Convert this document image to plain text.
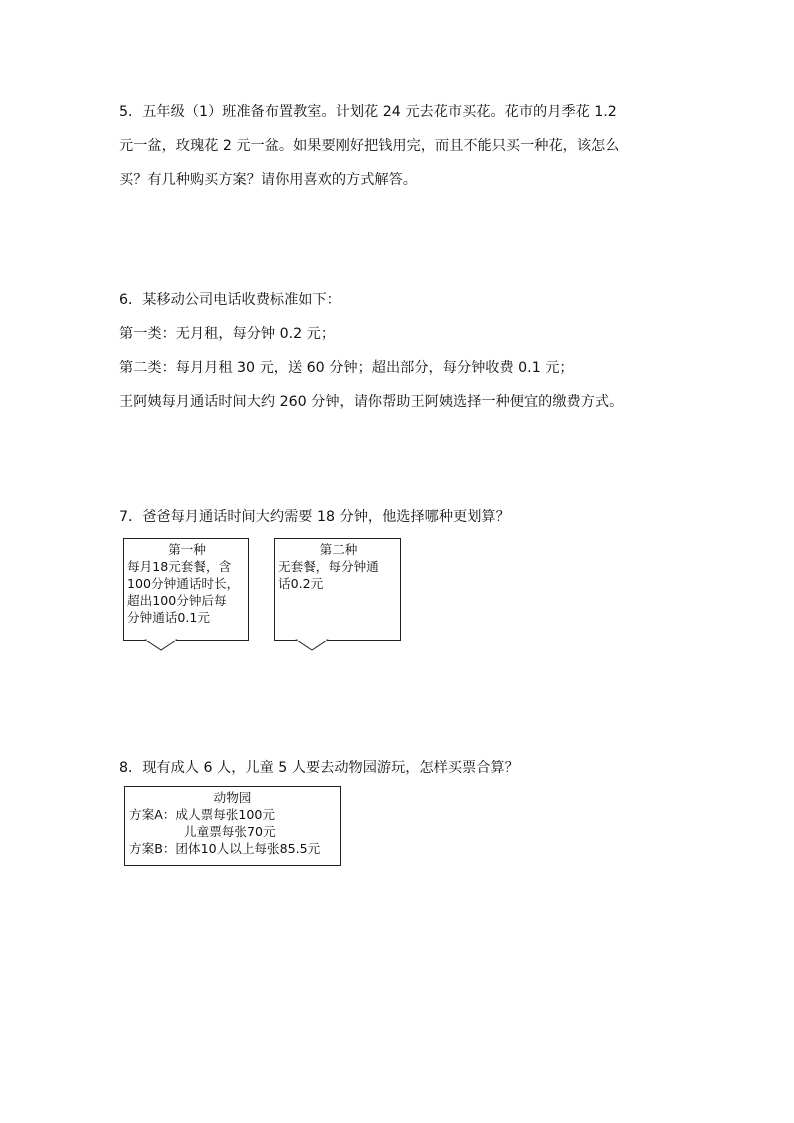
5．五年级（1）班准备布置教室。计划花 24 元去花市买花。花市的月季花 1.2
元一盆，玫瑰花 2 元一盆。如果要刚好把钱用完，而且不能只买一种花，该怎么
买？有几种购买方案？请你用喜欢的方式解答。
6．某移动公司电话收费标准如下：
第一类：无月租，每分钟 0.2 元；
第二类：每月月租 30 元，送 60 分钟；超出部分，每分钟收费 0.1 元；
王阿姨每月通话时间大约 260 分钟，请你帮助王阿姨选择一种便宜的缴费方式。
7．爸爸每月通话时间大约需要 18 分钟，他选择哪种更划算？
第一种
每月18元套餐，含
100分钟通话时长，
超出100分钟后每
分钟通话0.1元
第二种
无套餐，每分钟通
话0.2元
8．现有成人 6 人，儿童 5 人要去动物园游玩，怎样买票合算？
动物园
方案A：成人票每张100元
儿童票每张70元
方案B：团体10人以上每张85.5元
